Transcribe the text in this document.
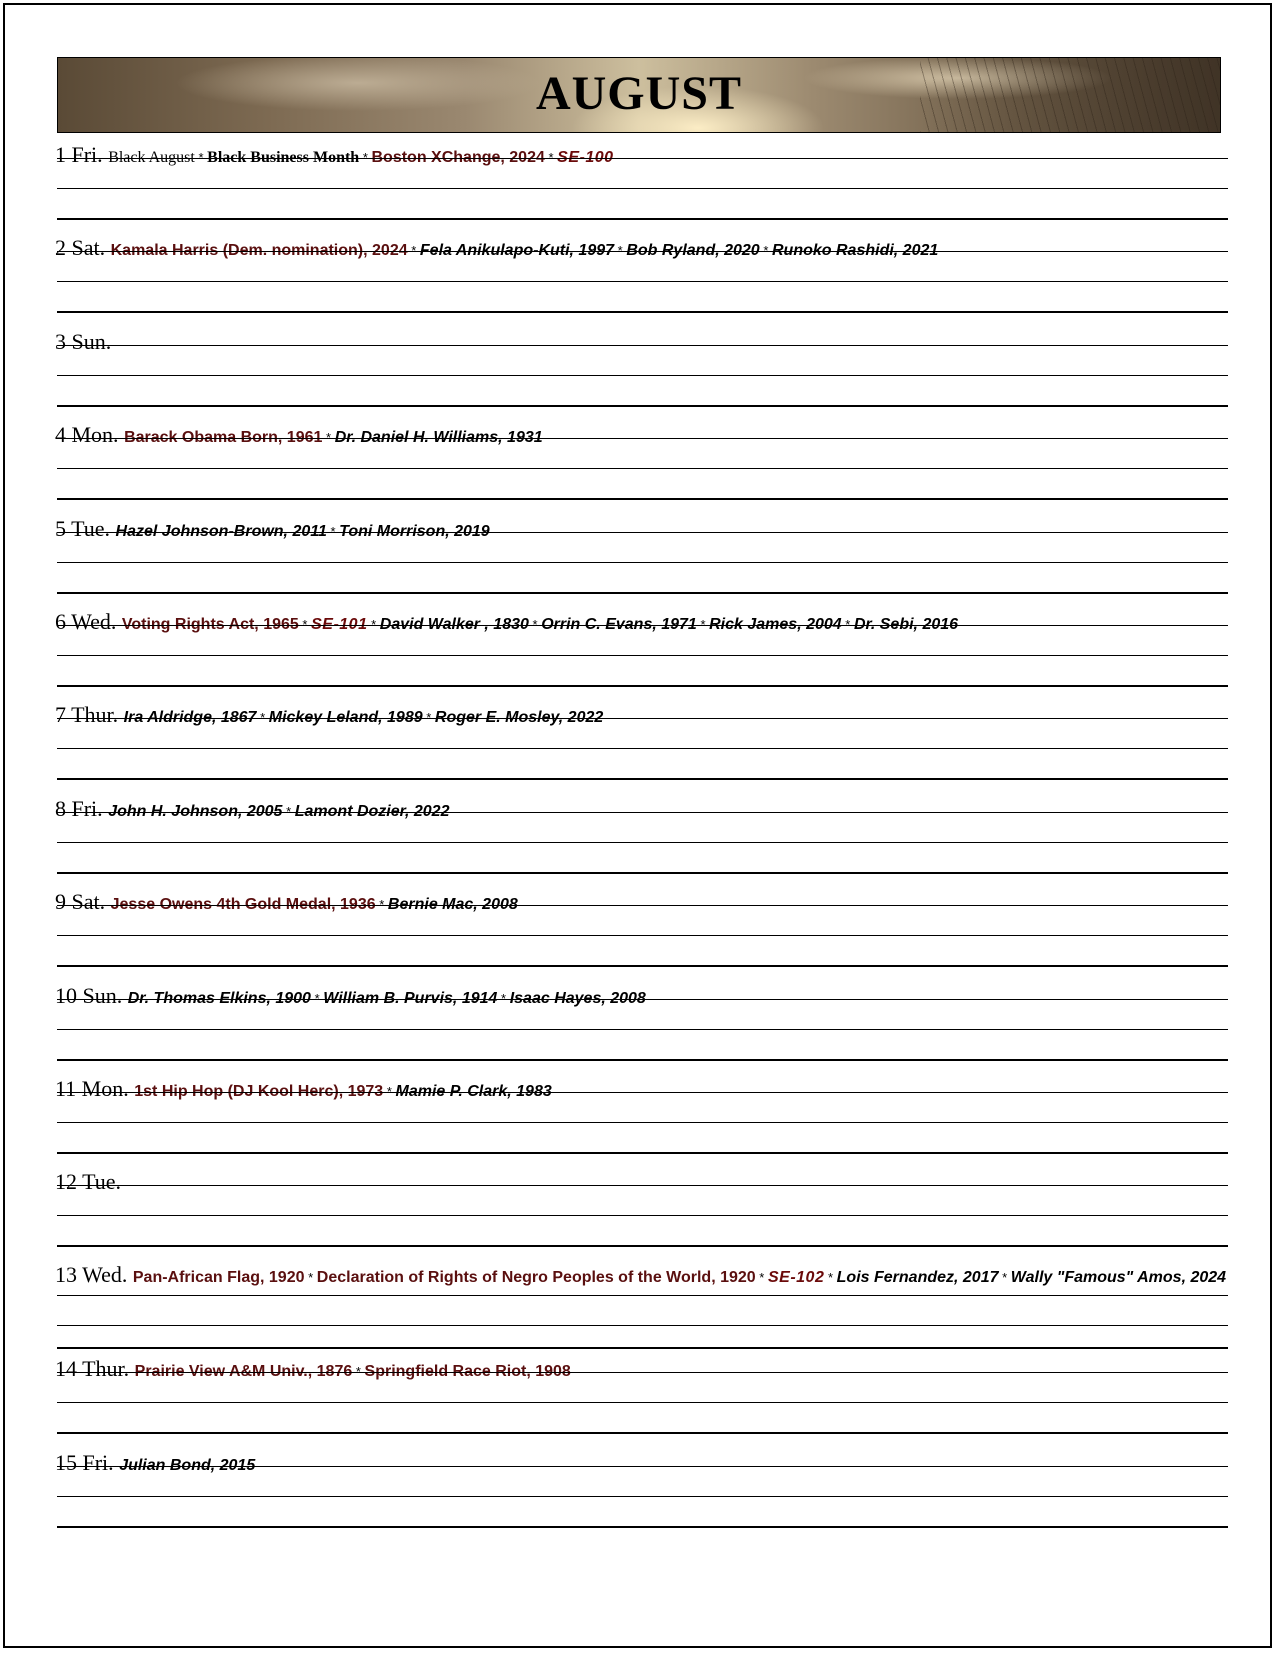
AUGUST
1 Fri. Black August * Black Business Month * Boston XChange, 2024 * SE-100
2 Sat. Kamala Harris (Dem. nomination), 2024 * Fela Anikulapo-Kuti, 1997 * Bob Ryland, 2020 * Runoko Rashidi, 2021
3 Sun.
4 Mon. Barack Obama Born, 1961 * Dr. Daniel H. Williams, 1931
5 Tue. Hazel Johnson-Brown, 2011 * Toni Morrison, 2019
6 Wed. Voting Rights Act, 1965 * SE-101 * David Walker , 1830 * Orrin C. Evans, 1971 * Rick James, 2004 * Dr. Sebi, 2016
7 Thur. Ira Aldridge, 1867 * Mickey Leland, 1989 * Roger E. Mosley, 2022
8 Fri. John H. Johnson, 2005 * Lamont Dozier, 2022
9 Sat. Jesse Owens 4th Gold Medal, 1936 * Bernie Mac, 2008
10 Sun. Dr. Thomas Elkins, 1900 * William B. Purvis, 1914 * Isaac Hayes, 2008
11 Mon. 1st Hip Hop (DJ Kool Herc), 1973 * Mamie P. Clark, 1983
12 Tue.
13 Wed. Pan-African Flag, 1920 * Declaration of Rights of Negro Peoples of the World, 1920 * SE-102 * Lois Fernandez, 2017 * Wally "Famous" Amos, 2024
14 Thur. Prairie View A&M Univ., 1876 * Springfield Race Riot, 1908
15 Fri. Julian Bond, 2015
